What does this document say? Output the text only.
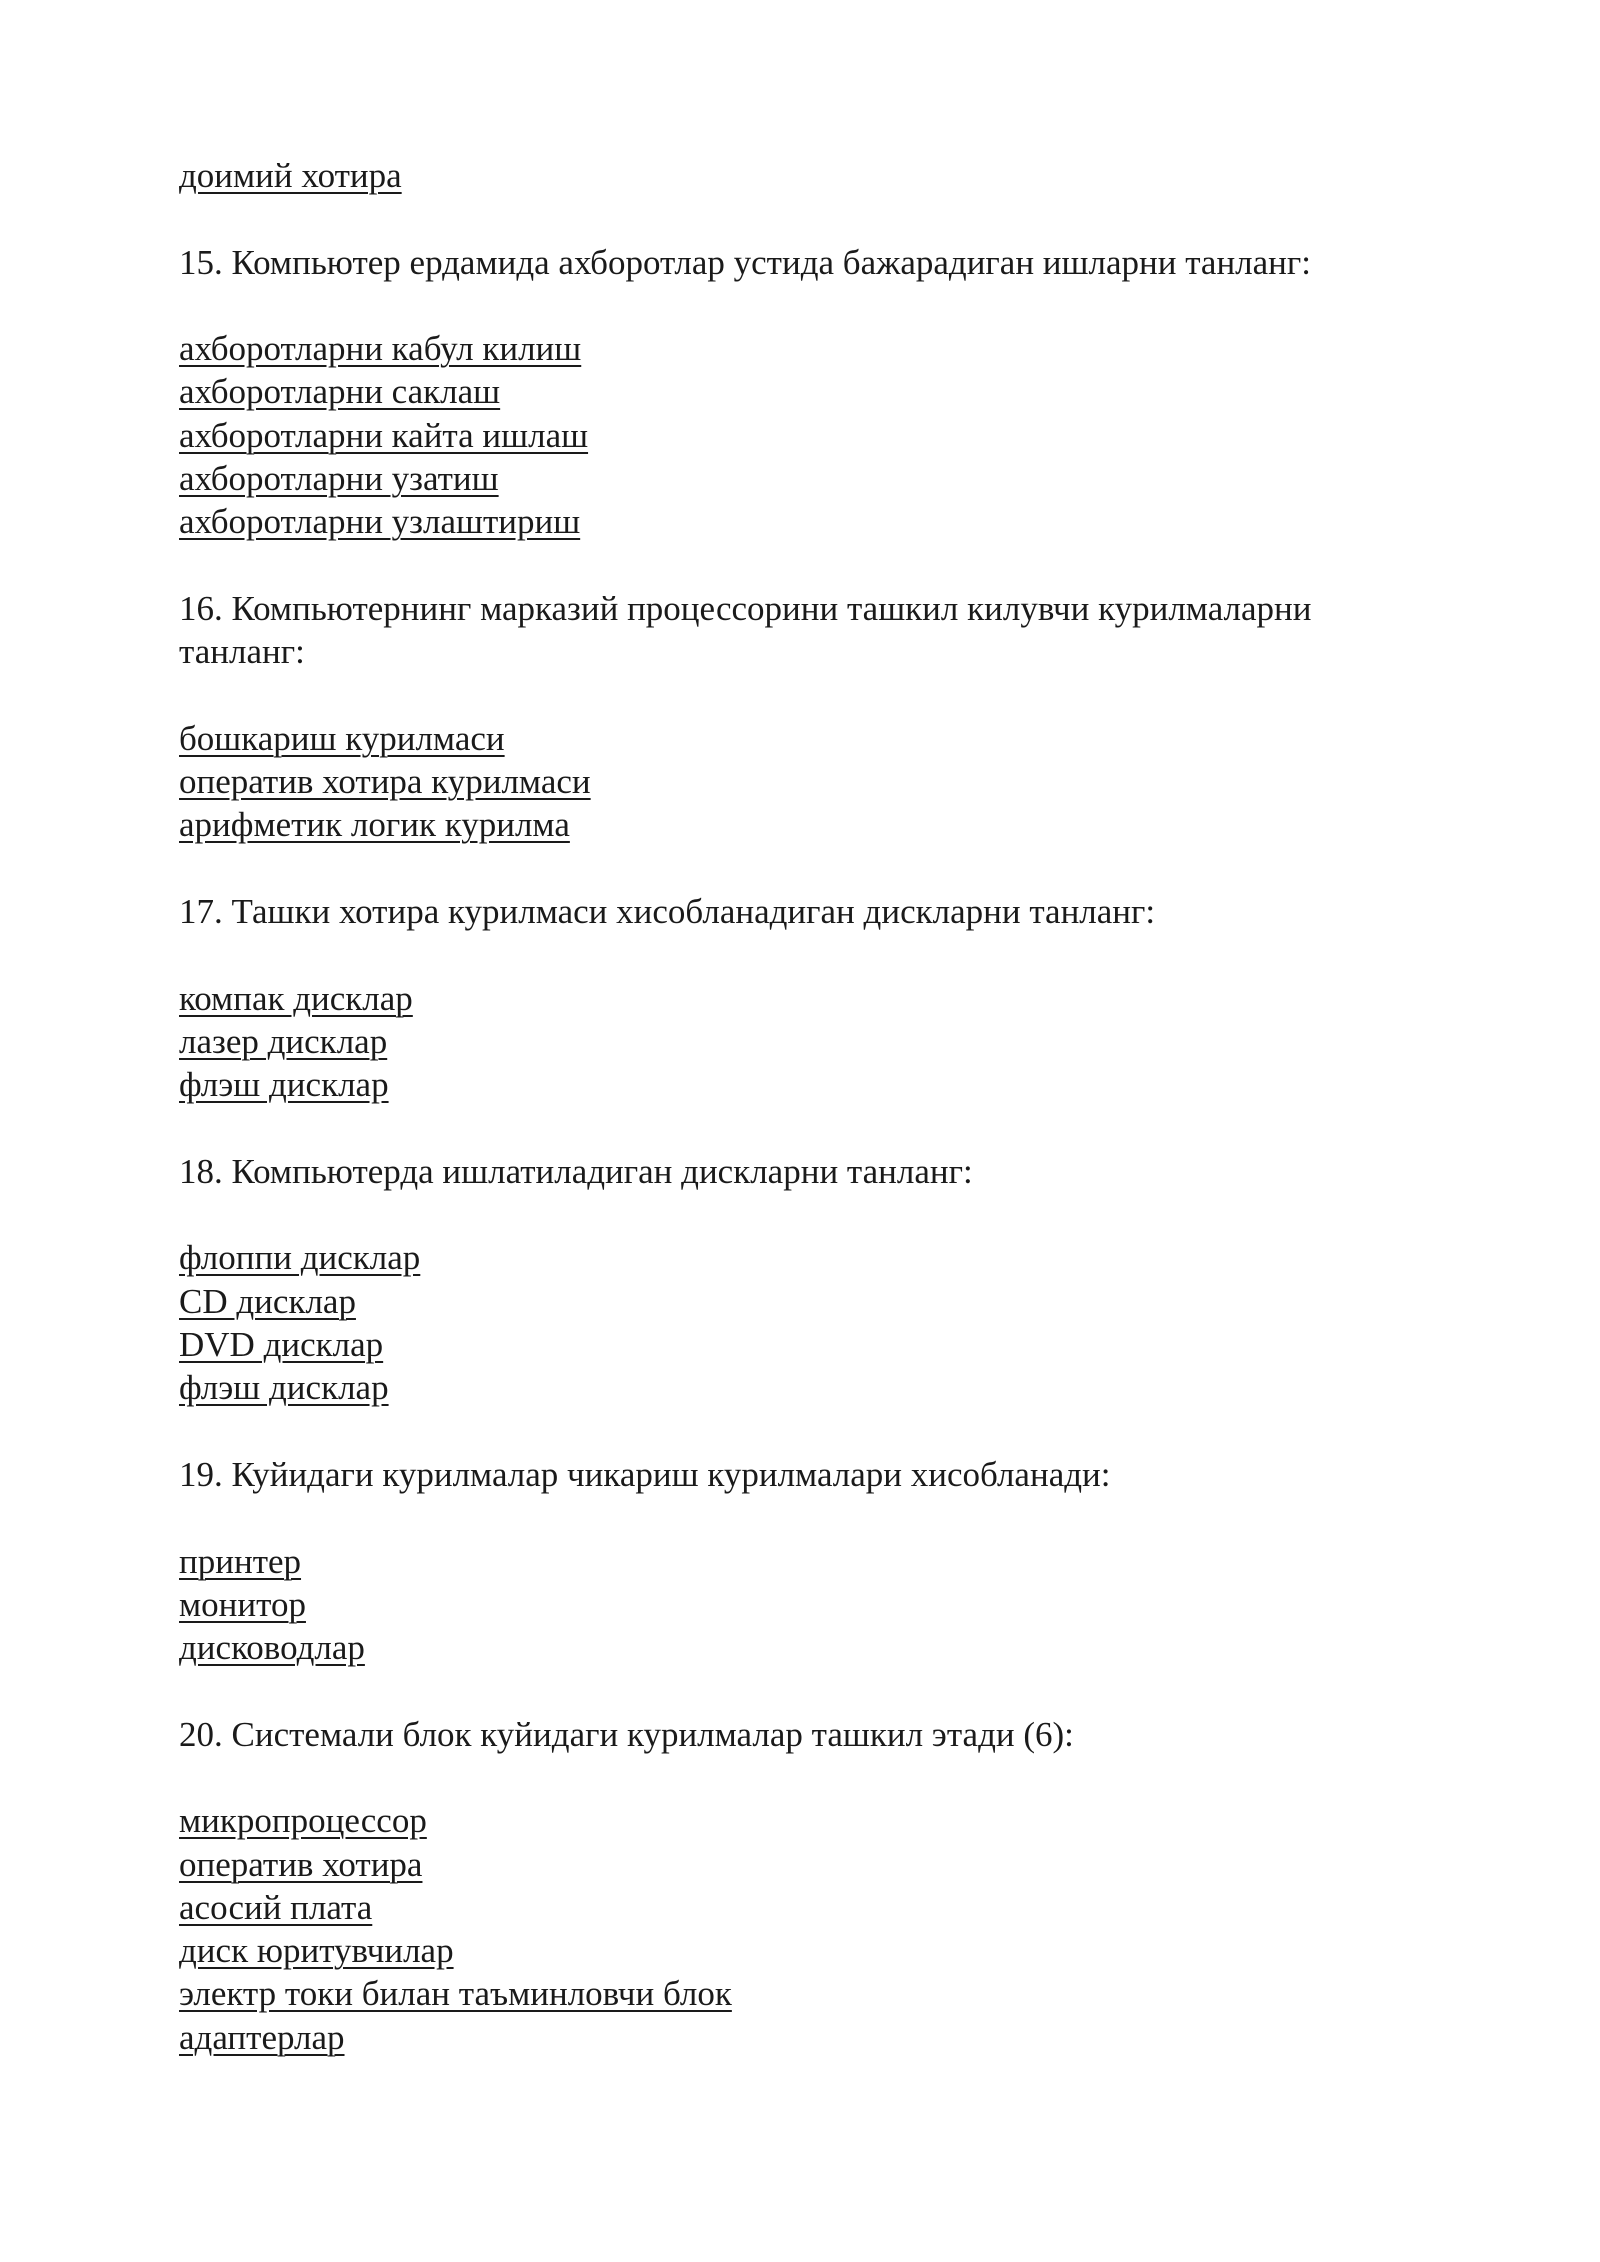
доимий хотира

15. Компьютер ердамида ахборотлар устида бажарадиган ишларни танланг:

ахборотларни кабул килиш
ахборотларни саклаш
ахборотларни кайта ишлаш
ахборотларни узатиш
ахборотларни узлаштириш

16. Компьютернинг марказий процессорини ташкил килувчи курилмаларни танланг:

бошкариш курилмаси
оператив хотира курилмаси
арифметик логик курилма

17. Ташки хотира курилмаси хисобланадиган дискларни танланг:

компак дисклар
лазер дисклар
флэш дисклар

18. Компьютерда ишлатиладиган дискларни танланг:

флоппи дисклар
CD дисклар
DVD дисклар
флэш дисклар

19. Куйидаги курилмалар чикариш курилмалари хисобланади:

принтер
монитор
дисководлар

20. Системали блок куйидаги курилмалар ташкил этади (6):

микропроцессор
оператив хотира
асосий плата
диск юритувчилар
электр токи билан таъминловчи блок
адаптерлар
